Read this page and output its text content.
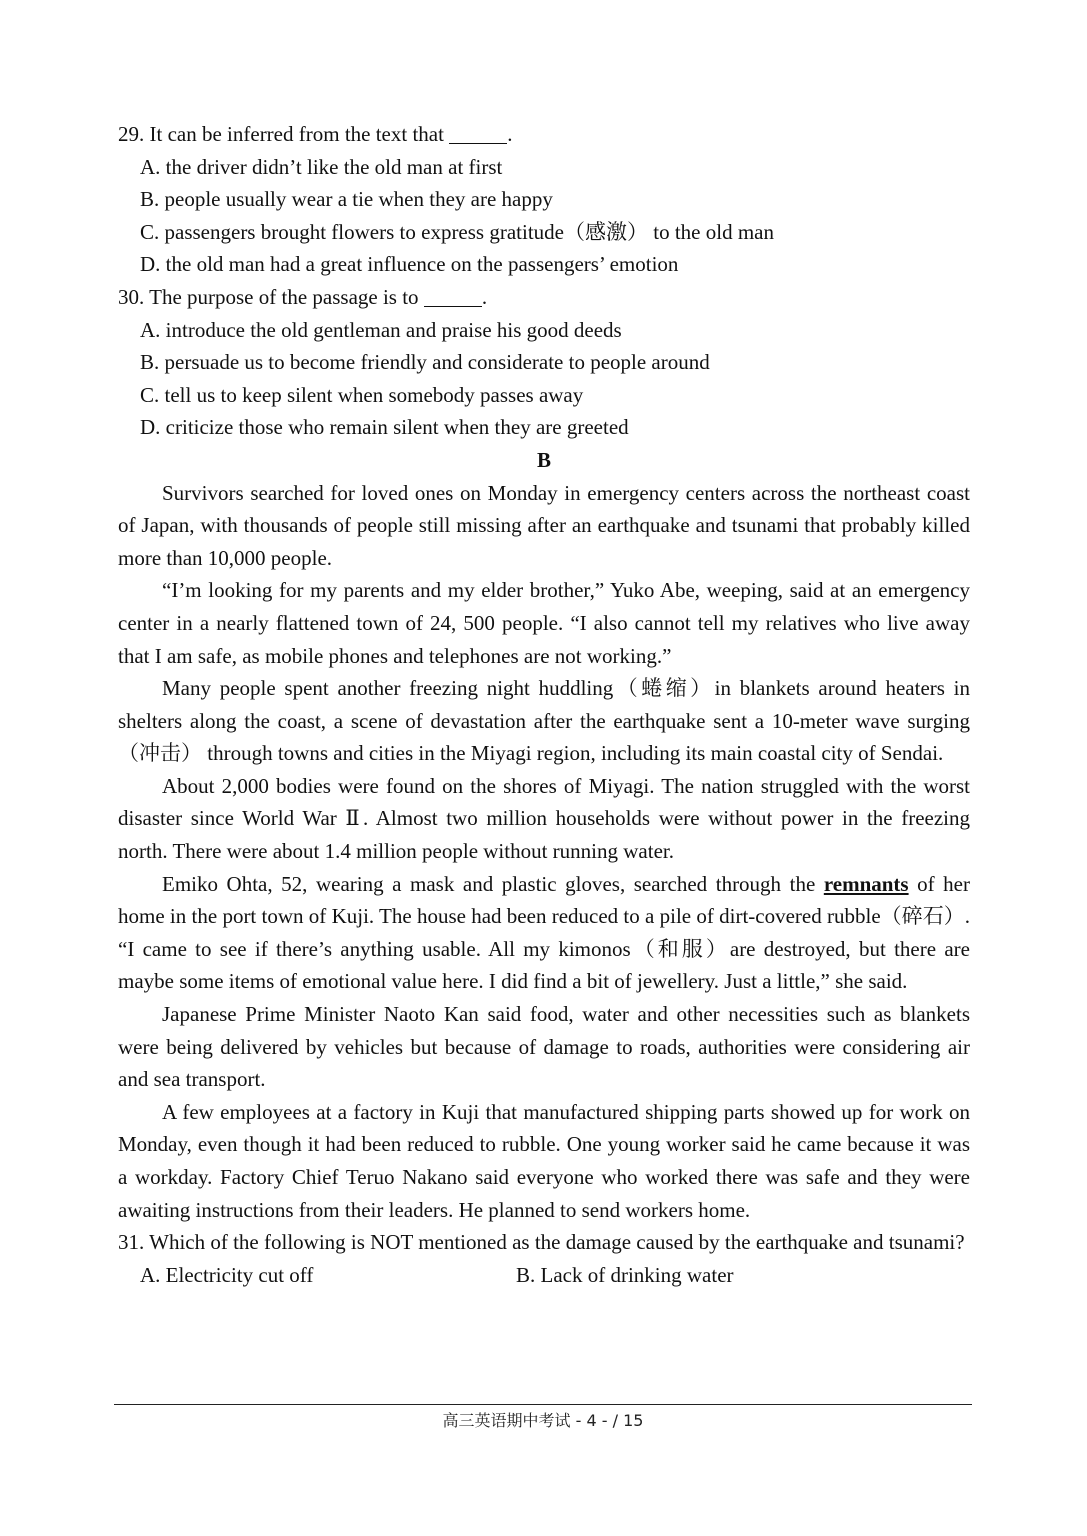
29. It can be inferred from the text that	.

A. the driver didn’t like the old man at first

B. people usually wear a tie when they are happy

C. passengers brought flowers to express gratitude（感激） to the old man

D. the old man had a great influence on the passengers’ emotion

30. The purpose of the passage is to	.

A. introduce the old gentleman and praise his good deeds

B. persuade us to become friendly and considerate to people around

C. tell us to keep silent when somebody passes away

D. criticize those who remain silent when they are greeted

B

Survivors searched for loved ones on Monday in emergency centers across the northeast coast of Japan, with thousands of people still missing after an earthquake and tsunami that probably killed more than 10,000 people.

“I’m looking for my parents and my elder brother,” Yuko Abe, weeping, said at an emergency center in a nearly flattened town of 24, 500 people. “I also cannot tell my relatives who live away that I am safe, as mobile phones and telephones are not working.”

Many people spent another freezing night huddling（蜷缩）in blankets around heaters in shelters along the coast, a scene of devastation after the earthquake sent a 10-meter wave surging（冲击） through towns and cities in the Miyagi region, including its main coastal city of Sendai.

About 2,000 bodies were found on the shores of Miyagi. The nation struggled with the worst disaster since World War Ⅱ. Almost two million households were without power in the freezing north. There were about 1.4 million people without running water.

Emiko Ohta, 52, wearing a mask and plastic gloves, searched through the remnants of her home in the port town of Kuji. The house had been reduced to a pile of dirt-covered rubble（碎石）. “I came to see if there’s anything usable. All my kimonos（和服）are destroyed, but there are maybe some items of emotional value here. I did find a bit of jewellery. Just a little,” she said.

Japanese Prime Minister Naoto Kan said food, water and other necessities such as blankets were being delivered by vehicles but because of damage to roads, authorities were considering air and sea transport.

A few employees at a factory in Kuji that manufactured shipping parts showed up for work on Monday, even though it had been reduced to rubble. One young worker said he came because it was a workday. Factory Chief Teruo Nakano said everyone who worked there was safe and they were awaiting instructions from their leaders. He planned to send workers home.

31. Which of the following is NOT mentioned as the damage caused by the earthquake and tsunami?

A. Electricity cut off	B. Lack of drinking water
高三英语期中考试 - 4 - / 15
